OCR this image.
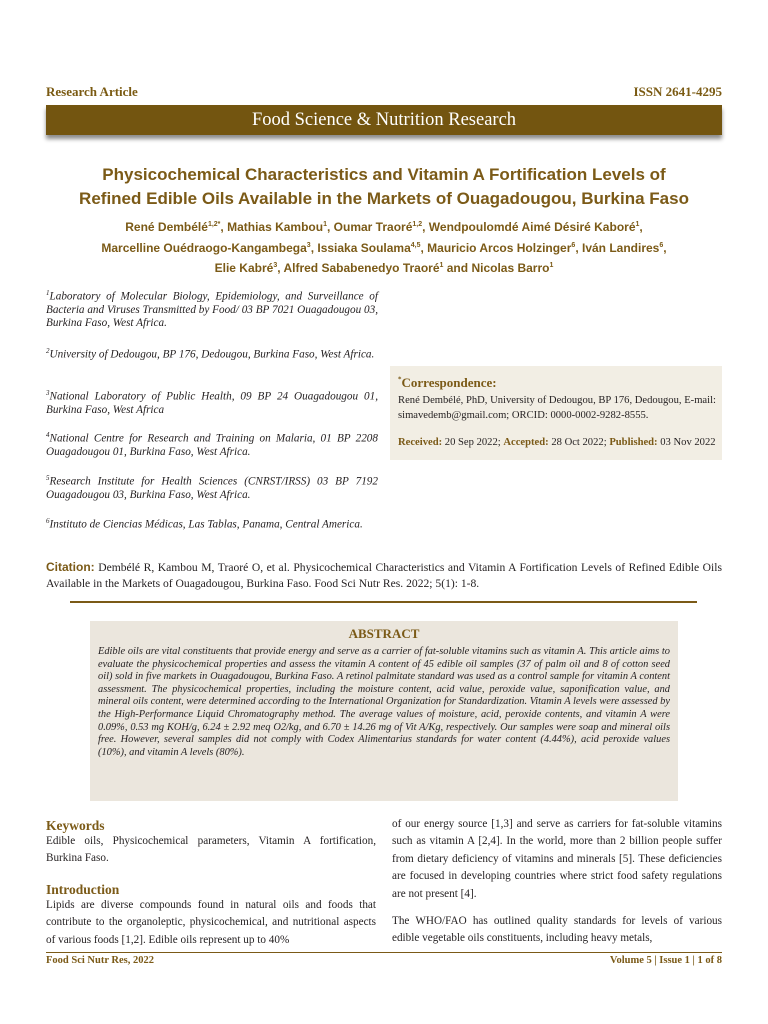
Research Article	ISSN 2641-4295
Food Science & Nutrition Research
Physicochemical Characteristics and Vitamin A Fortification Levels of
Refined Edible Oils Available in the Markets of Ouagadougou, Burkina Faso
René Dembélé$^{1,2*}$, Mathias Kambou$^1$, Oumar Traoré$^{1,2}$, Wendpoulomdé Aimé Désiré Kaboré$^1$,
Marcelline Ouédraogo-Kangambega$^3$, Issiaka Soulama$^{4,5}$, Mauricio Arcos Holzinger$^6$, Iván Landires$^6$,
Elie Kabré$^3$, Alfred Sababenedyo Traoré$^1$ and Nicolas Barro$^1$
$^1$Laboratory of Molecular Biology, Epidemiology, and Surveillance of Bacteria and Viruses Transmitted by Food/ 03 BP 7021 Ouagadougou 03, Burkina Faso, West Africa.
$^2$University of Dedougou, BP 176, Dedougou, Burkina Faso, West Africa.
$^3$National Laboratory of Public Health, 09 BP 24 Ouagadougou 01, Burkina Faso, West Africa
$^4$National Centre for Research and Training on Malaria, 01 BP 2208 Ouagadougou 01, Burkina Faso, West Africa.
$^5$Research Institute for Health Sciences (CNRST/IRSS) 03 BP 7192 Ouagadougou 03, Burkina Faso, West Africa.
$^6$Instituto de Ciencias Médicas, Las Tablas, Panama, Central America.
*Correspondence:
René Dembélé, PhD, University of Dedougou, BP 176, Dedougou, E-mail: simavedemb@gmail.com; ORCID: 0000-0002-9282-8555.
Received: 20 Sep 2022; Accepted: 28 Oct 2022; Published: 03 Nov 2022
Citation: Dembélé R, Kambou M, Traoré O, et al. Physicochemical Characteristics and Vitamin A Fortification Levels of Refined Edible Oils Available in the Markets of Ouagadougou, Burkina Faso. Food Sci Nutr Res. 2022; 5(1): 1-8.
ABSTRACT
Edible oils are vital constituents that provide energy and serve as a carrier of fat-soluble vitamins such as vitamin A. This article aims to evaluate the physicochemical properties and assess the vitamin A content of 45 edible oil samples (37 of palm oil and 8 of cotton seed oil) sold in five markets in Ouagadougou, Burkina Faso. A retinol palmitate standard was used as a control sample for vitamin A content assessment. The physicochemical properties, including the moisture content, acid value, peroxide value, saponification value, and mineral oils content, were determined according to the International Organization for Standardization. Vitamin A levels were assessed by the High-Performance Liquid Chromatography method. The average values of moisture, acid, peroxide contents, and vitamin A were 0.09%, 0.53 mg KOH/g, 6.24 ± 2.92 meq O2/kg, and 6.70 ± 14.26 mg of Vit A/Kg, respectively. Our samples were soap and mineral oils free. However, several samples did not comply with Codex Alimentarius standards for water content (4.44%), acid peroxide values (10%), and vitamin A levels (80%).
Keywords
Edible oils, Physicochemical parameters, Vitamin A fortification, Burkina Faso.
Introduction
Lipids are diverse compounds found in natural oils and foods that contribute to the organoleptic, physicochemical, and nutritional aspects of various foods [1,2]. Edible oils represent up to 40%
of our energy source [1,3] and serve as carriers for fat-soluble vitamins such as vitamin A [2,4]. In the world, more than 2 billion people suffer from dietary deficiency of vitamins and minerals [5]. These deficiencies are focused in developing countries where strict food safety regulations are not present [4].
The WHO/FAO has outlined quality standards for levels of various edible vegetable oils constituents, including heavy metals,
Food Sci Nutr Res, 2022	Volume 5 | Issue 1 | 1 of 8
